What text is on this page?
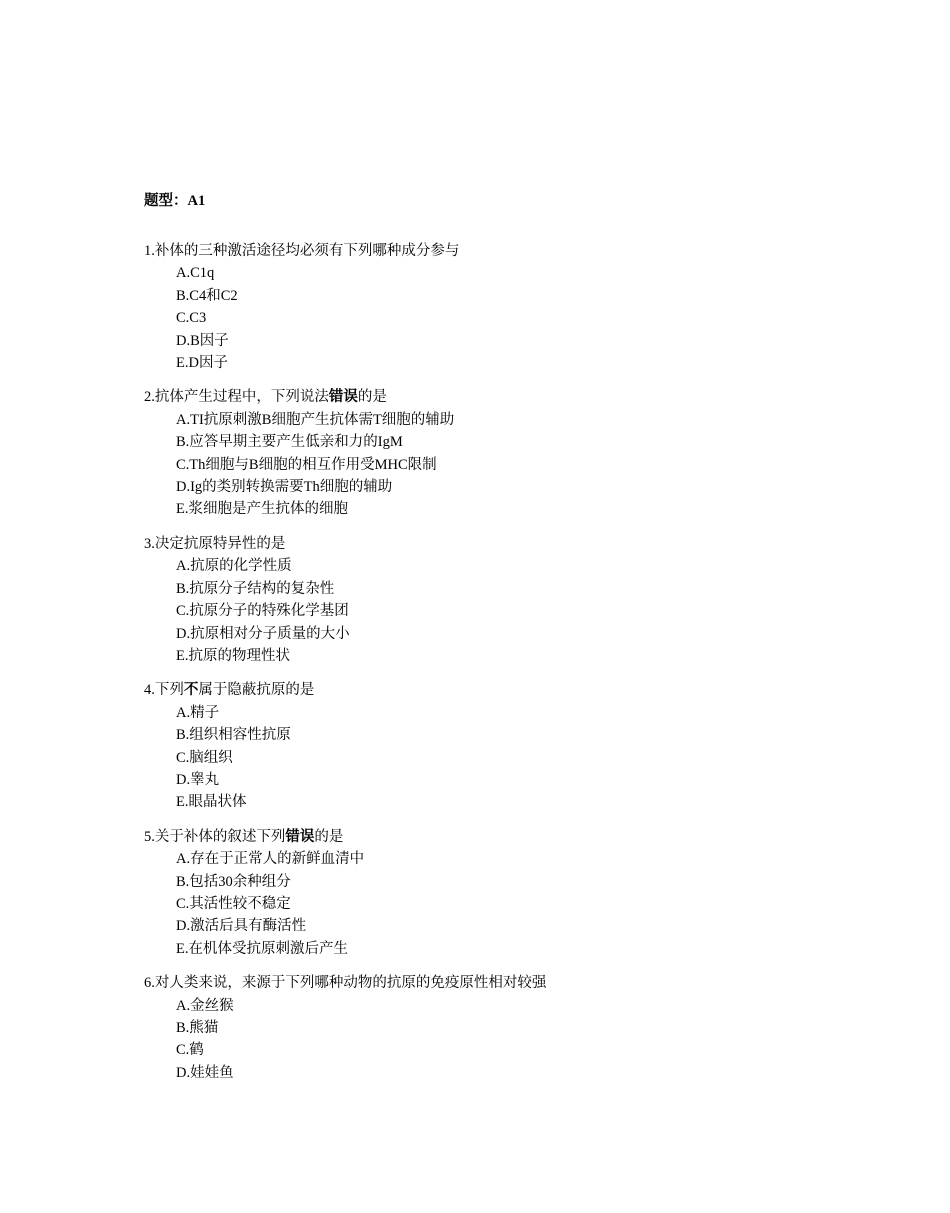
题型：A1
1.补体的三种激活途径均必须有下列哪种成分参与
A.C1q
B.C4和C2
C.C3
D.B因子
E.D因子
2.抗体产生过程中，下列说法错误的是
A.TI抗原刺激B细胞产生抗体需T细胞的辅助
B.应答早期主要产生低亲和力的IgM
C.Th细胞与B细胞的相互作用受MHC限制
D.Ig的类别转换需要Th细胞的辅助
E.浆细胞是产生抗体的细胞
3.决定抗原特异性的是
A.抗原的化学性质
B.抗原分子结构的复杂性
C.抗原分子的特殊化学基团
D.抗原相对分子质量的大小
E.抗原的物理性状
4.下列不属于隐蔽抗原的是
A.精子
B.组织相容性抗原
C.脑组织
D.睾丸
E.眼晶状体
5.关于补体的叙述下列错误的是
A.存在于正常人的新鲜血清中
B.包括30余种组分
C.其活性较不稳定
D.激活后具有酶活性
E.在机体受抗原刺激后产生
6.对人类来说，来源于下列哪种动物的抗原的免疫原性相对较强
A.金丝猴
B.熊猫
C.鹤
D.娃娃鱼
